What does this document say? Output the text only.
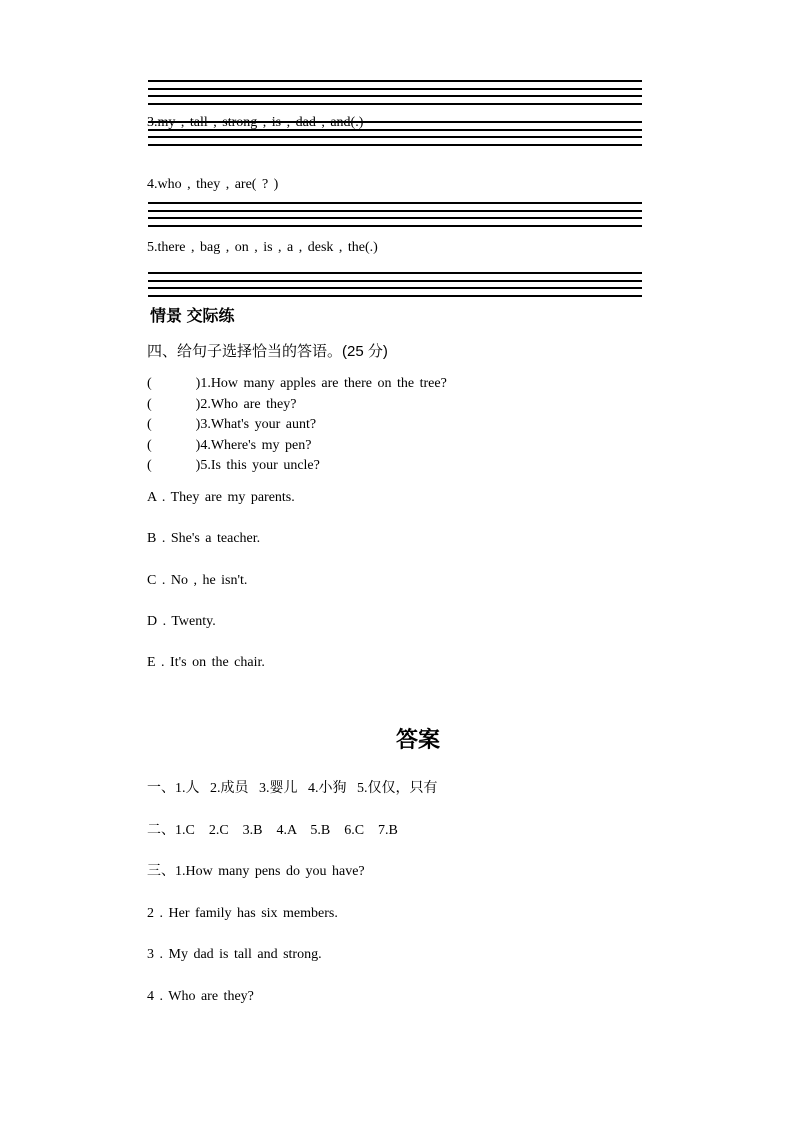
4.who , they , are( ? )
5.there , bag , on , is , a , desk , the(.)
情景 交际练
四、给句子选择恰当的答语。(25 分)
(        )1.How many apples are there on the tree?
(        )2.Who are they?
(        )3.What's your aunt?
(        )4.Where's my pen?
(        )5.Is this your uncle?
A . They are my parents.
B . She's a teacher.
C . No , he isn't.
D . Twenty.
E . It's on the chair.
答案
一、1.人   2.成员   3.婴儿   4.小狗   5.仅仅，只有
二、1.C    2.C    3.B    4.A    5.B    6.C    7.B
三、1.How many pens do you have?
2 . Her family has six members.
3 . My dad is tall and strong.
4 . Who are they?
